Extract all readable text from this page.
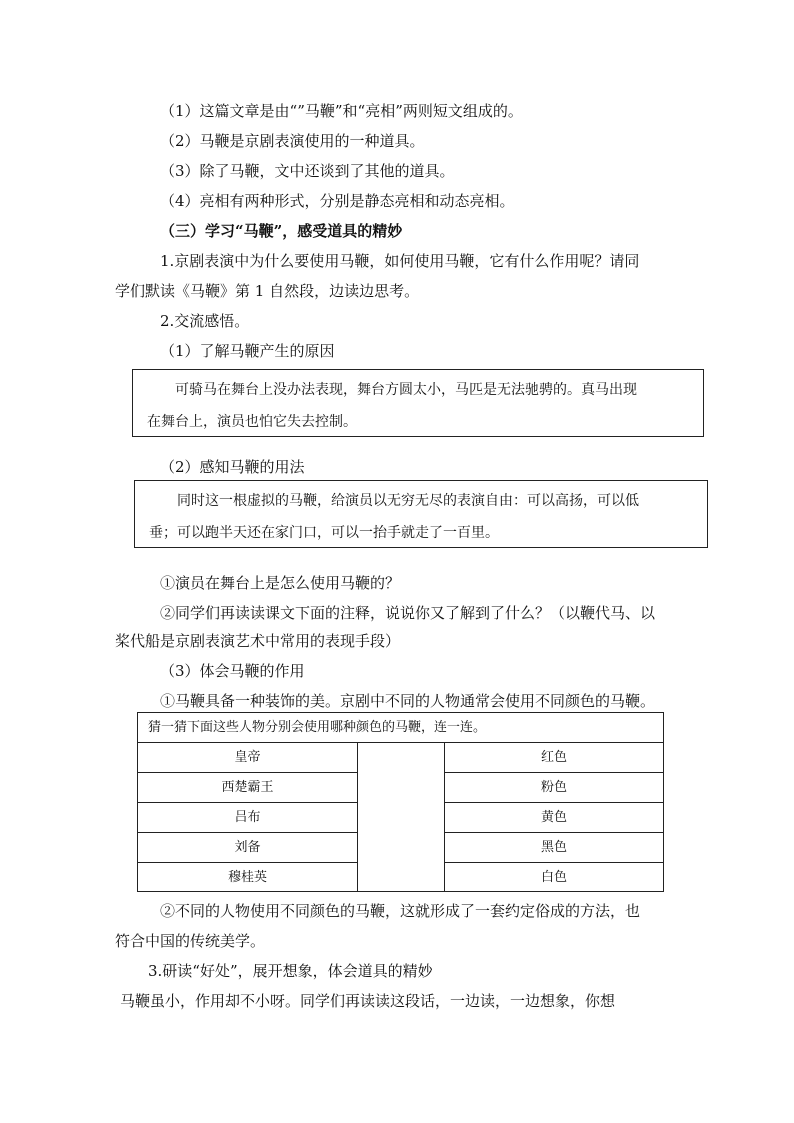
（1）这篇文章是由“”马鞭”和“亮相”两则短文组成的。
（2）马鞭是京剧表演使用的一种道具。
（3）除了马鞭，文中还谈到了其他的道具。
（4）亮相有两种形式，分别是静态亮相和动态亮相。
（三）学习“马鞭”，感受道具的精妙
1.京剧表演中为什么要使用马鞭，如何使用马鞭，它有什么作用呢？请同
学们默读《马鞭》第 1 自然段，边读边思考。
2.交流感悟。
（1）了解马鞭产生的原因

可骑马在舞台上没办法表现，舞台方圆太小，马匹是无法驰骋的。真马出现

在舞台上，演员也怕它失去控制。

（2）感知马鞭的用法

同时这一根虚拟的马鞭，给演员以无穷无尽的表演自由：可以高扬，可以低

垂；可以跑半天还在家门口，可以一抬手就走了一百里。

①演员在舞台上是怎么使用马鞭的？
②同学们再读读课文下面的注释，说说你又了解到了什么？（以鞭代马、以
桨代船是京剧表演艺术中常用的表现手段）
（3）体会马鞭的作用
①马鞭具备一种装饰的美。京剧中不同的人物通常会使用不同颜色的马鞭。
猜一猜下面这些人物分别会使用哪种颜色的马鞭，连一连。
皇帝
西楚霸王
吕布
刘备
穆桂英
红色
粉色
黄色
黑色
白色
②不同的人物使用不同颜色的马鞭，这就形成了一套约定俗成的方法，也
符合中国的传统美学。
3.研读“好处”，展开想象，体会道具的精妙
马鞭虽小，作用却不小呀。同学们再读读这段话，一边读，一边想象，你想
